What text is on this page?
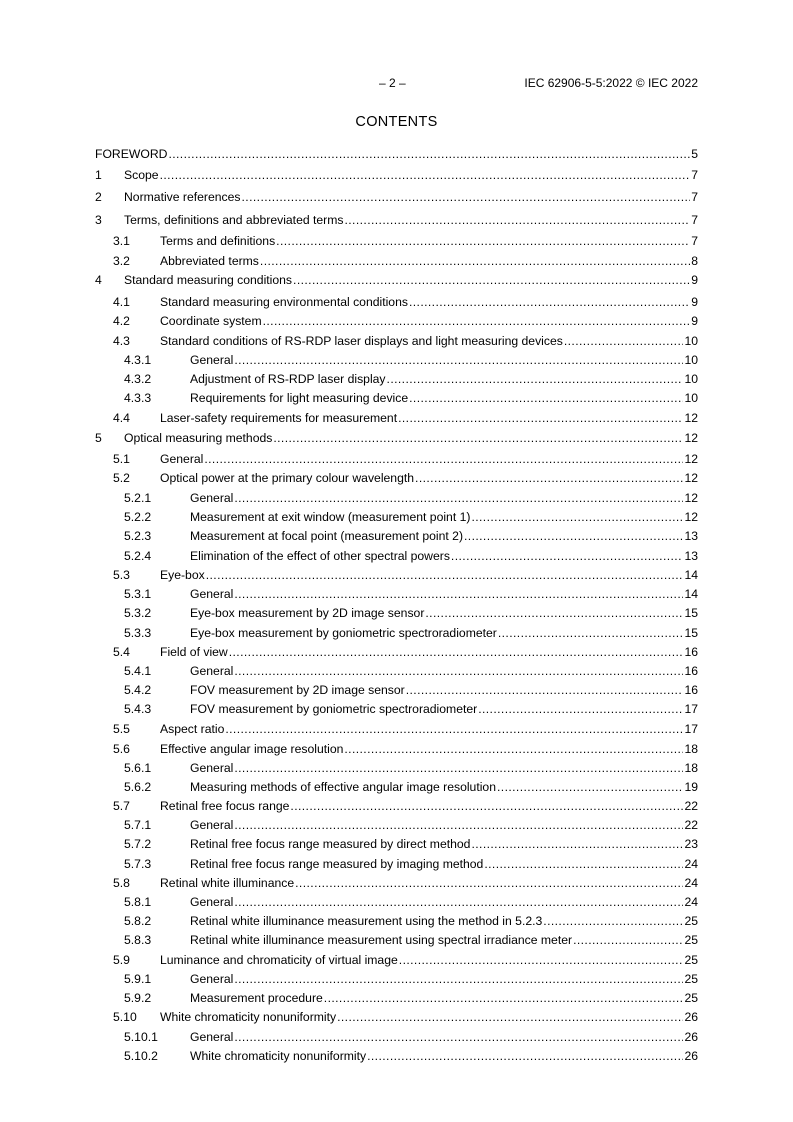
– 2 –	IEC 62906-5-5:2022 © IEC 2022
CONTENTS
FOREWORD .....	5
1 Scope .....	7
2 Normative references .....	7
3 Terms, definitions and abbreviated terms .....	7
3.1 Terms and definitions .....	7
3.2 Abbreviated terms .....	8
4 Standard measuring conditions .....	9
4.1 Standard measuring environmental conditions .....	9
4.2 Coordinate system .....	9
4.3 Standard conditions of RS-RDP laser displays and light measuring devices .....	10
4.3.1	General .....	10
4.3.2	Adjustment of RS-RDP laser display .....	10
4.3.3	Requirements for light measuring device .....	10
4.4 Laser-safety requirements for measurement .....	12
5 Optical measuring methods .....	12
5.1 General .....	12
5.2 Optical power at the primary colour wavelength .....	12
5.2.1	General .....	12
5.2.2	Measurement at exit window (measurement point 1) .....	12
5.2.3	Measurement at focal point (measurement point 2) .....	13
5.2.4	Elimination of the effect of other spectral powers .....	13
5.3 Eye-box .....	14
5.3.1	General .....	14
5.3.2	Eye-box measurement by 2D image sensor .....	15
5.3.3	Eye-box measurement by goniometric spectroradiometer .....	15
5.4 Field of view .....	16
5.4.1	General .....	16
5.4.2	FOV measurement by 2D image sensor .....	16
5.4.3	FOV measurement by goniometric spectroradiometer .....	17
5.5 Aspect ratio .....	17
5.6 Effective angular image resolution .....	18
5.6.1	General .....	18
5.6.2	Measuring methods of effective angular image resolution .....	19
5.7 Retinal free focus range .....	22
5.7.1	General .....	22
5.7.2	Retinal free focus range measured by direct method .....	23
5.7.3	Retinal free focus range measured by imaging method .....	24
5.8 Retinal white illuminance .....	24
5.8.1	General .....	24
5.8.2	Retinal white illuminance measurement using the method in 5.2.3 .....	25
5.8.3	Retinal white illuminance measurement using spectral irradiance meter .....	25
5.9 Luminance and chromaticity of virtual image .....	25
5.9.1	General .....	25
5.9.2	Measurement procedure .....	25
5.10 White chromaticity nonuniformity .....	26
5.10.1	General .....	26
5.10.2	White chromaticity nonuniformity .....	26
